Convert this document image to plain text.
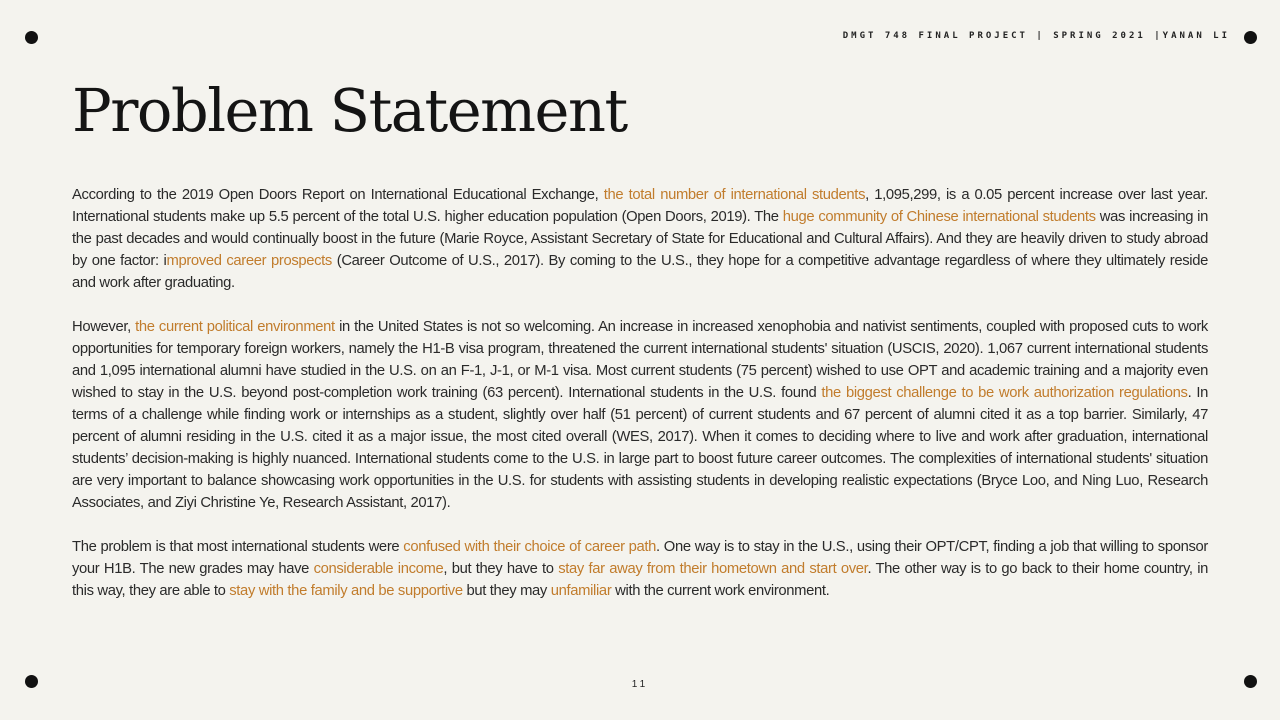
DMGT 748 FINAL PROJECT | SPRING 2021 |YANAN LI
Problem Statement

According to the 2019 Open Doors Report on International Educational Exchange, the total number of international students, 1,095,299, is a 0.05 percent increase over last year. International students make up 5.5 percent of the total U.S. higher education population (Open Doors, 2019). The huge community of Chinese international students was increasing in the past decades and would continually boost in the future (Marie Royce, Assistant Secretary of State for Educational and Cultural Affairs). And they are heavily driven to study abroad by one factor: improved career prospects (Career Outcome of U.S., 2017). By coming to the U.S., they hope for a competitive advantage regardless of where they ultimately reside and work after graduating.

However, the current political environment in the United States is not so welcoming. An increase in increased xenophobia and nativist sentiments, coupled with proposed cuts to work opportunities for temporary foreign workers, namely the H1-B visa program, threatened the current international students' situation (USCIS, 2020). 1,067 current international students and 1,095 international alumni have studied in the U.S. on an F-1, J-1, or M-1 visa. Most current students (75 percent) wished to use OPT and academic training and a majority even wished to stay in the U.S. beyond post-completion work training (63 percent). International students in the U.S. found the biggest challenge to be work authorization regulations. In terms of a challenge while finding work or internships as a student, slightly over half (51 percent) of current students and 67 percent of alumni cited it as a top barrier. Similarly, 47 percent of alumni residing in the U.S. cited it as a major issue, the most cited overall (WES, 2017). When it comes to deciding where to live and work after graduation, international students’ decision-making is highly nuanced. International students come to the U.S. in large part to boost future career outcomes. The complexities of international students' situation are very important to balance showcasing work opportunities in the U.S. for students with assisting students in developing realistic expectations (Bryce Loo, and Ning Luo, Research Associates, and Ziyi Christine Ye, Research Assistant, 2017).

The problem is that most international students were confused with their choice of career path. One way is to stay in the U.S., using their OPT/CPT, finding a job that willing to sponsor your H1B. The new grades may have considerable income, but they have to stay far away from their hometown and start over. The other way is to go back to their home country, in this way, they are able to stay with the family and be supportive but they may unfamiliar with the current work environment.

11
